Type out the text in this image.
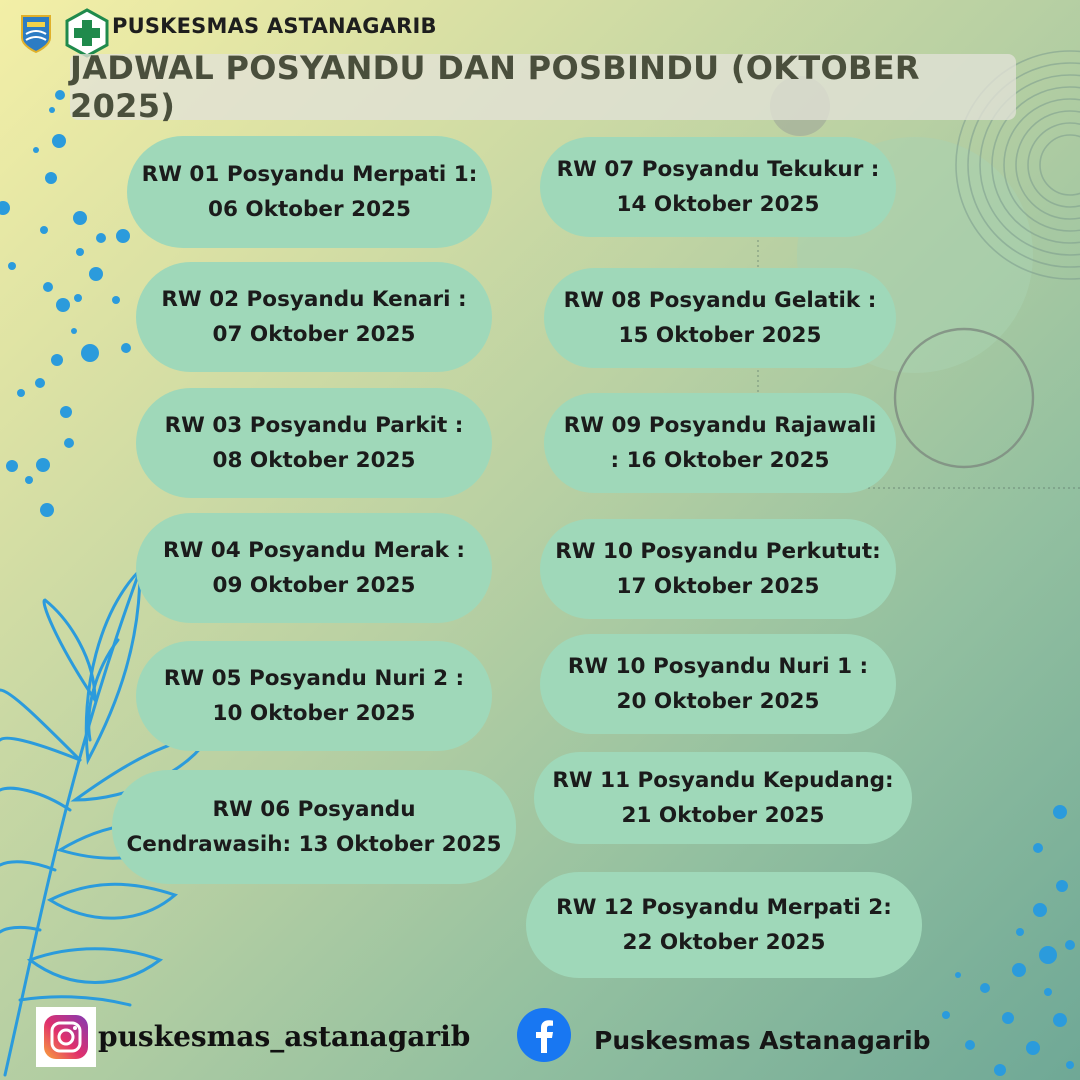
PUSKESMAS ASTANAGARIB
JADWAL POSYANDU DAN POSBINDU (OKTOBER 2025)
RW 01 Posyandu Merpati 1:
06 Oktober 2025
RW 02 Posyandu Kenari :
07 Oktober 2025
RW 03 Posyandu Parkit :
08 Oktober 2025
RW 04 Posyandu Merak :
09 Oktober 2025
RW 05 Posyandu Nuri 2 :
10 Oktober 2025
RW 06 Posyandu
Cendrawasih: 13 Oktober 2025
RW 07 Posyandu Tekukur :
14 Oktober 2025
RW 08 Posyandu Gelatik :
15 Oktober 2025
RW 09 Posyandu Rajawali
: 16 Oktober 2025
RW 10 Posyandu Perkutut:
17 Oktober 2025
RW 10 Posyandu Nuri 1 :
20 Oktober 2025
RW 11 Posyandu Kepudang:
21 Oktober 2025
RW 12 Posyandu Merpati 2:
22 Oktober 2025
puskesmas_astanagarib	Puskesmas Astanagarib
